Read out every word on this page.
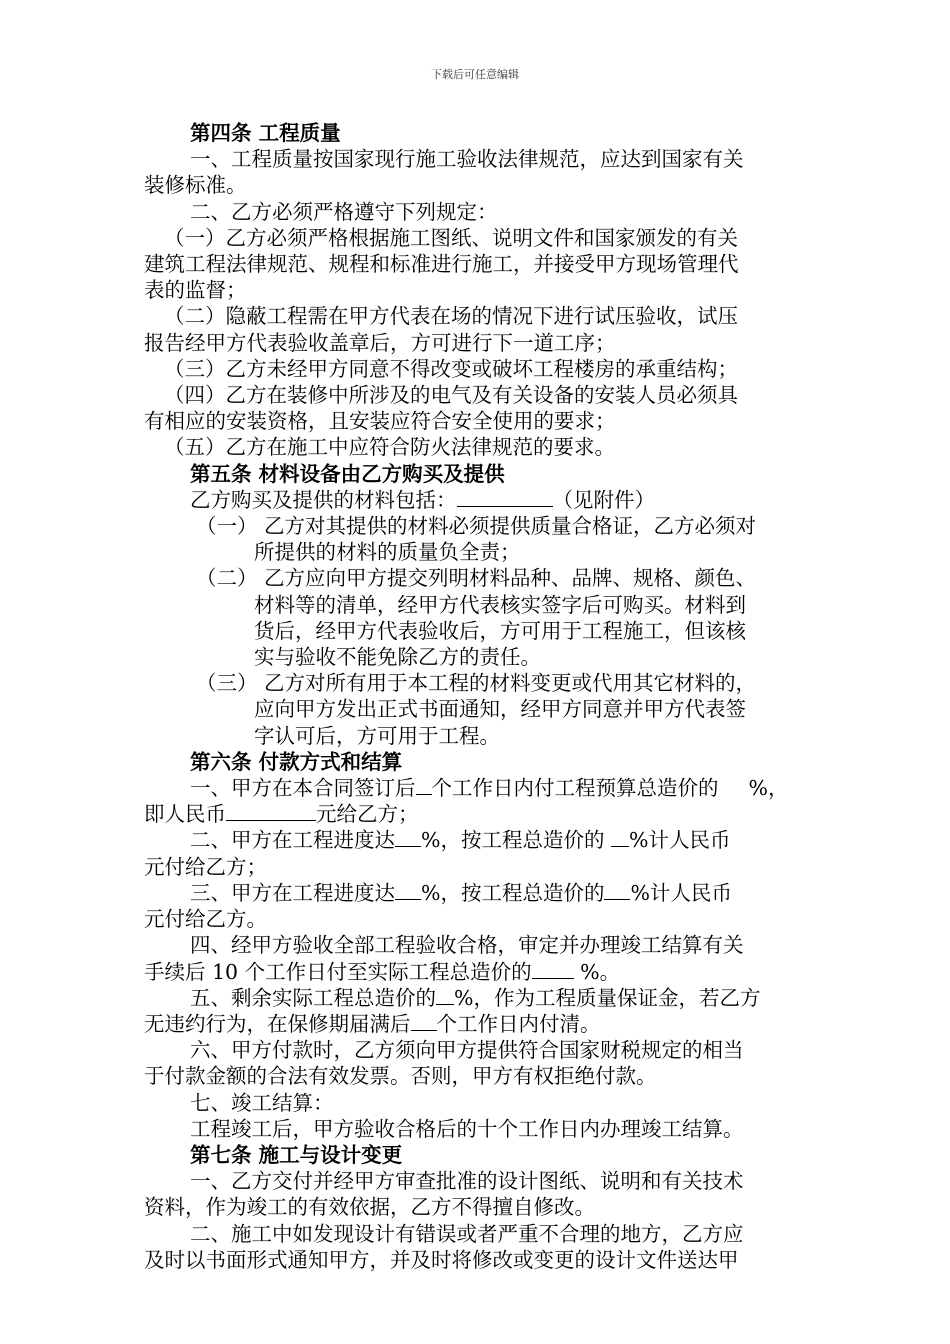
下载后可任意编辑
第四条 工程质量
一、工程质量按国家现行施工验收法律规范，应达到国家有关
装修标准。
二、乙方必须严格遵守下列规定：
（一）乙方必须严格根据施工图纸、说明文件和国家颁发的有关
建筑工程法律规范、规程和标准进行施工，并接受甲方现场管理代
表的监督；
（二）隐蔽工程需在甲方代表在场的情况下进行试压验收，试压
报告经甲方代表验收盖章后，方可进行下一道工序；
（三）乙方未经甲方同意不得改变或破坏工程楼房的承重结构；
（四）乙方在装修中所涉及的电气及有关设备的安装人员必须具
有相应的安装资格，且安装应符合安全使用的要求；
（五）乙方在施工中应符合防火法律规范的要求。
第五条 材料设备由乙方购买及提供
乙方购买及提供的材料包括：	（见附件）
（一） 乙方对其提供的材料必须提供质量合格证，乙方必须对
所提供的材料的质量负全责；
（二） 乙方应向甲方提交列明材料品种、品牌、规格、颜色、
材料等的清单，经甲方代表核实签字后可购买。材料到
货后，经甲方代表验收后，方可用于工程施工，但该核
实与验收不能免除乙方的责任。
（三） 乙方对所有用于本工程的材料变更或代用其它材料的，
应向甲方发出正式书面通知，经甲方同意并甲方代表签
字认可后，方可用于工程。
第六条 付款方式和结算
一、甲方在本合同签订后 个工作日内付工程预算总造价的 %，
即人民币	元给乙方；
二、甲方在工程进度达 %，按工程总造价的 %计人民币
元付给乙方；
三、甲方在工程进度达 %，按工程总造价的 %计人民币
元付给乙方。
四、经甲方验收全部工程验收合格，审定并办理竣工结算有关
手续后 10 个工作日付至实际工程总造价的 %。
五、剩余实际工程总造价的 %，作为工程质量保证金，若乙方
无违约行为，在保修期届满后 个工作日内付清。
六、甲方付款时，乙方须向甲方提供符合国家财税规定的相当
于付款金额的合法有效发票。否则，甲方有权拒绝付款。
七、竣工结算：
工程竣工后，甲方验收合格后的十个工作日内办理竣工结算。
第七条 施工与设计变更
一、乙方交付并经甲方审查批准的设计图纸、说明和有关技术
资料，作为竣工的有效依据，乙方不得擅自修改。
二、施工中如发现设计有错误或者严重不合理的地方，乙方应
及时以书面形式通知甲方，并及时将修改或变更的设计文件送达甲
